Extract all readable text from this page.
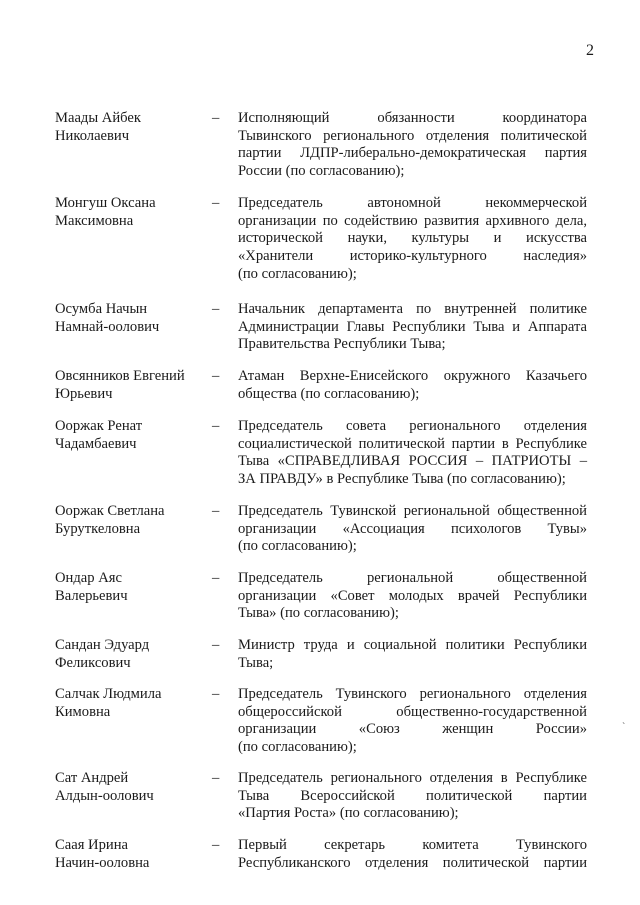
2
Маады Айбек
Николаевич
– Исполняющий обязанности координатора
Тывинского регионального отделения политической
партии ЛДПР-либерально-демократическая партия
России (по согласованию);
Монгуш Оксана
Максимовна
– Председатель автономной некоммерческой
организации по содействию развития архивного дела,
исторической науки, культуры и искусства
«Хранители историко-культурного наследия»
(по согласованию);
Осумба Начын
Намнай-оолович
– Начальник департамента по внутренней политике
Администрации Главы Республики Тыва и Аппарата
Правительства Республики Тыва;
Овсянников Евгений
Юрьевич
– Атаман Верхне-Енисейского окружного Казачьего
общества (по согласованию);
Ооржак Ренат
Чадамбаевич
– Председатель совета регионального отделения
социалистической политической партии в Республике
Тыва «СПРАВЕДЛИВАЯ РОССИЯ – ПАТРИОТЫ –
ЗА ПРАВДУ» в Республике Тыва (по согласованию);
Ооржак Светлана
Буруткеловна
– Председатель Тувинской региональной общественной
организации «Ассоциация психологов Тувы»
(по согласованию);
Ондар Аяс
Валерьевич
– Председатель региональной общественной
организации «Совет молодых врачей Республики
Тыва» (по согласованию);
Сандан Эдуард
Феликсович
– Министр труда и социальной политики Республики
Тыва;
Салчак Людмила
Кимовна
– Председатель Тувинского регионального отделения
общероссийской общественно-государственной
организации «Союз женщин России»
(по согласованию);
Сат Андрей
Алдын-оолович
– Председатель регионального отделения в Республике
Тыва Всероссийской политической партии
«Партия Роста» (по согласованию);
Саая Ирина
Начин-ооловна
– Первый секретарь комитета Тувинского
Республиканского отделения политической партии
`
